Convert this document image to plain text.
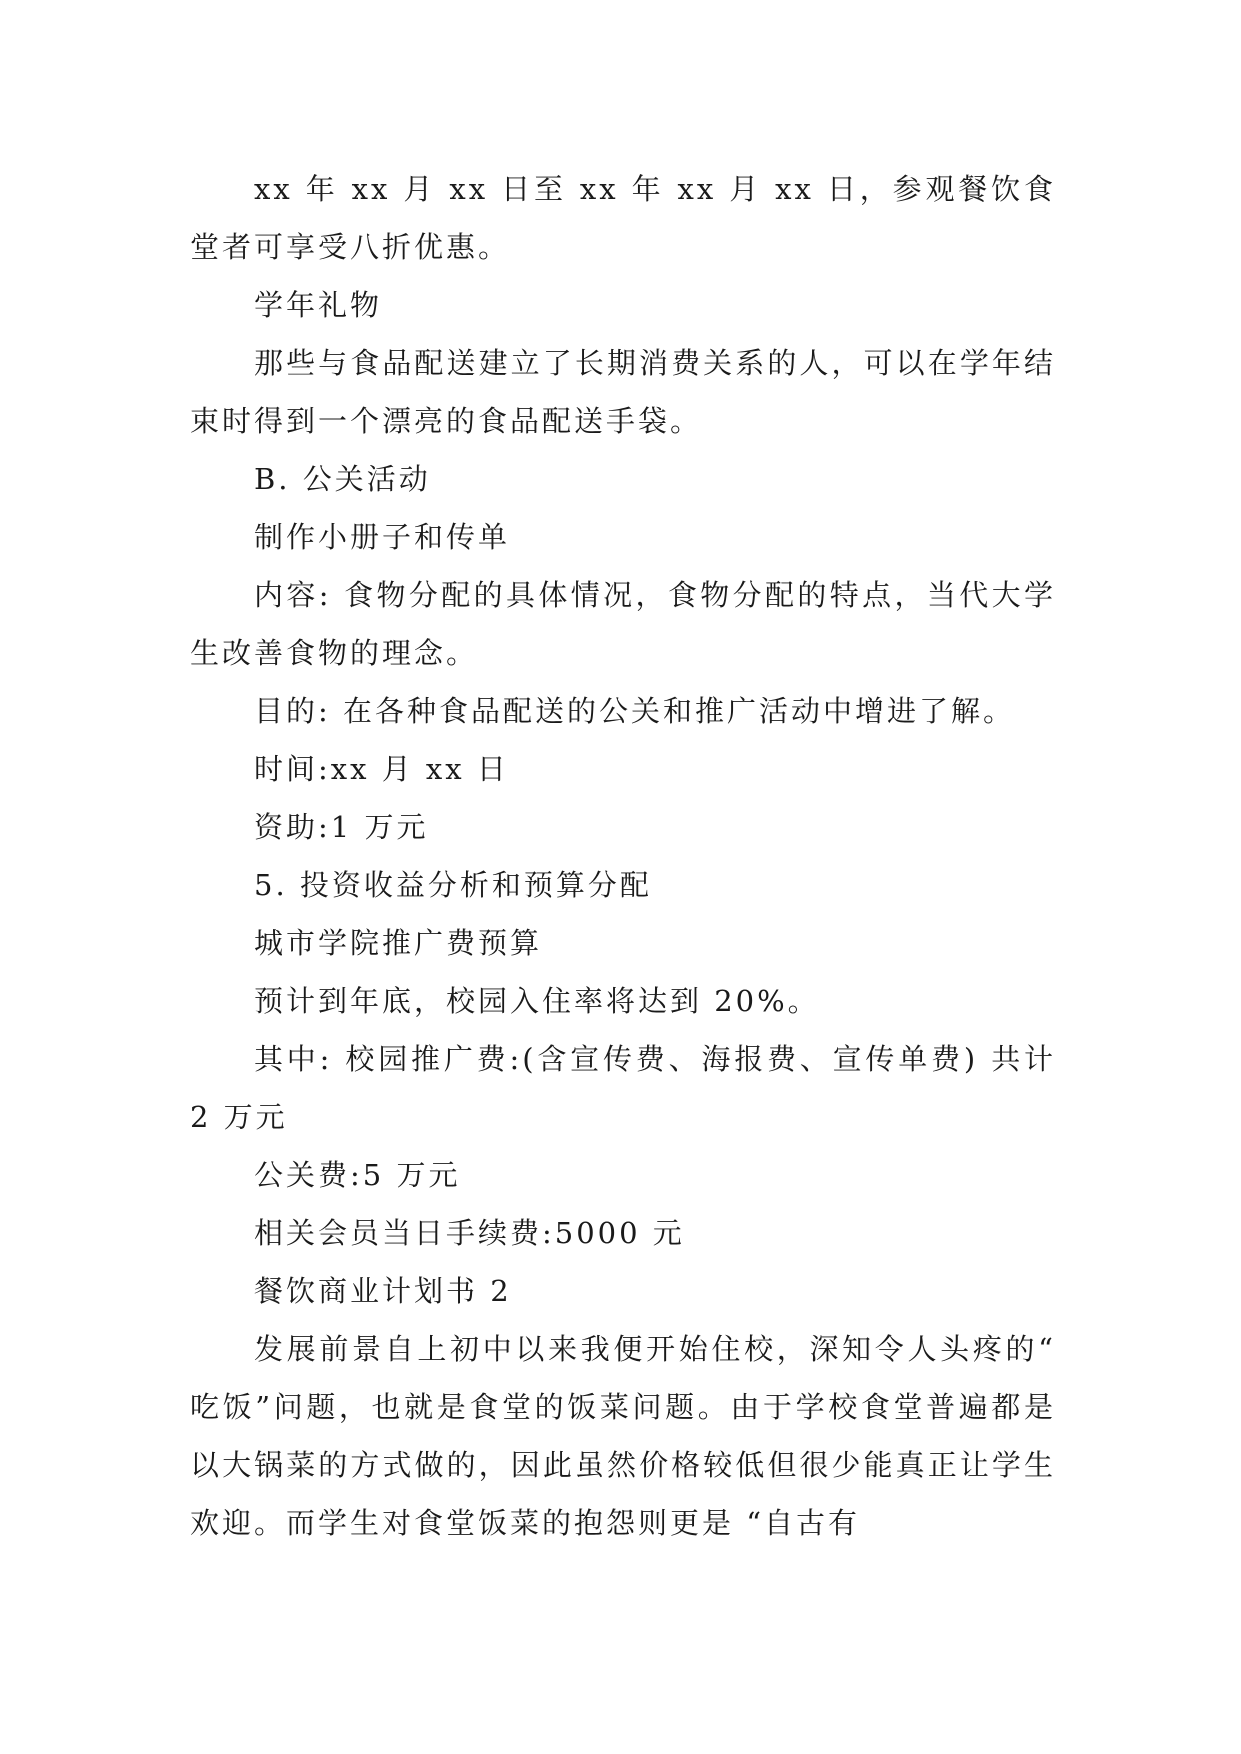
xx 年 xx 月 xx 日至 xx 年 xx 月 xx 日，参观餐饮食堂者可享受八折优惠。

学年礼物

那些与食品配送建立了长期消费关系的人，可以在学年结束时得到一个漂亮的食品配送手袋。

B. 公关活动

制作小册子和传单

内容: 食物分配的具体情况，食物分配的特点，当代大学生改善食物的理念。

目的: 在各种食品配送的公关和推广活动中增进了解。

时间:xx 月 xx 日

资助:1 万元

5. 投资收益分析和预算分配

城市学院推广费预算

预计到年底，校园入住率将达到 20%。

其中: 校园推广费:(含宣传费、海报费、宣传单费) 共计 2 万元

公关费:5 万元

相关会员当日手续费:5000 元

餐饮商业计划书 2

发展前景自上初中以来我便开始住校，深知令人头疼的“ 吃饭”问题，也就是食堂的饭菜问题。由于学校食堂普遍都是以大锅菜的方式做的，因此虽然价格较低但很少能真正让学生欢迎。而学生对食堂饭菜的抱怨则更是 “自古有
